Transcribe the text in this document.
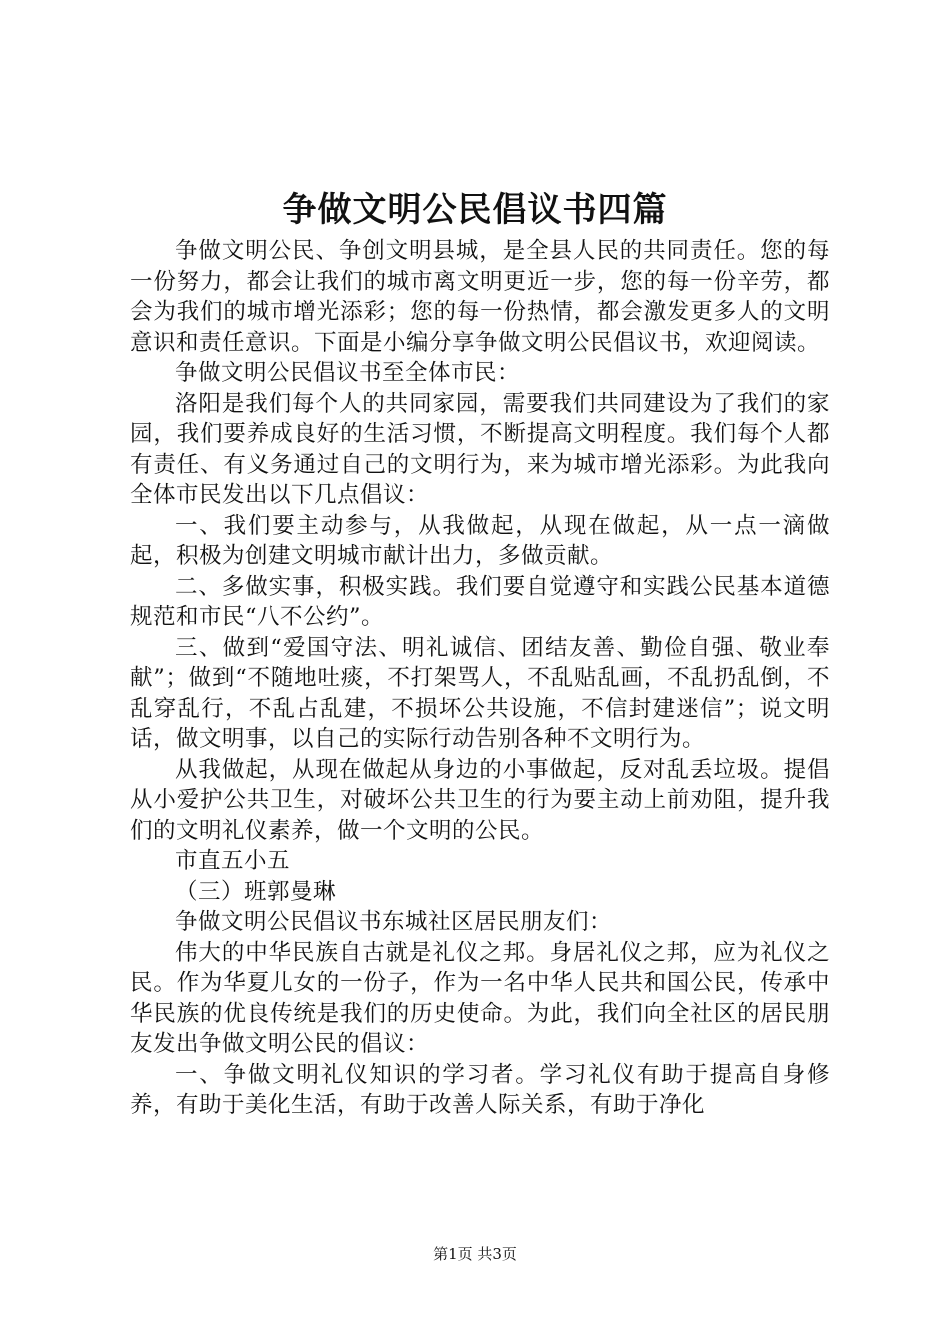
争做文明公民倡议书四篇

争做文明公民、争创文明县城，是全县人民的共同责任。您的每一份努力，都会让我们的城市离文明更近一步，您的每一份辛劳，都会为我们的城市增光添彩；您的每一份热情，都会激发更多人的文明意识和责任意识。下面是小编分享争做文明公民倡议书，欢迎阅读。

争做文明公民倡议书至全体市民：

洛阳是我们每个人的共同家园，需要我们共同建设为了我们的家园，我们要养成良好的生活习惯，不断提高文明程度。我们每个人都有责任、有义务通过自己的文明行为，来为城市增光添彩。为此我向全体市民发出以下几点倡议：

一、我们要主动参与，从我做起，从现在做起，从一点一滴做起，积极为创建文明城市献计出力，多做贡献。

二、多做实事，积极实践。我们要自觉遵守和实践公民基本道德规范和市民“八不公约”。

三、做到“爱国守法、明礼诚信、团结友善、勤俭自强、敬业奉献”；做到“不随地吐痰，不打架骂人，不乱贴乱画，不乱扔乱倒，不乱穿乱行，不乱占乱建，不损坏公共设施，不信封建迷信”；说文明话，做文明事，以自己的实际行动告别各种不文明行为。

从我做起，从现在做起从身边的小事做起，反对乱丢垃圾。提倡从小爱护公共卫生，对破坏公共卫生的行为要主动上前劝阻，提升我们的文明礼仪素养，做一个文明的公民。

市直五小五

（三）班郭曼琳

争做文明公民倡议书东城社区居民朋友们：

伟大的中华民族自古就是礼仪之邦。身居礼仪之邦，应为礼仪之民。作为华夏儿女的一份子，作为一名中华人民共和国公民，传承中华民族的优良传统是我们的历史使命。为此，我们向全社区的居民朋友发出争做文明公民的倡议：

一、争做文明礼仪知识的学习者。学习礼仪有助于提高自身修养，有助于美化生活，有助于改善人际关系，有助于净化

第1页 共3页
